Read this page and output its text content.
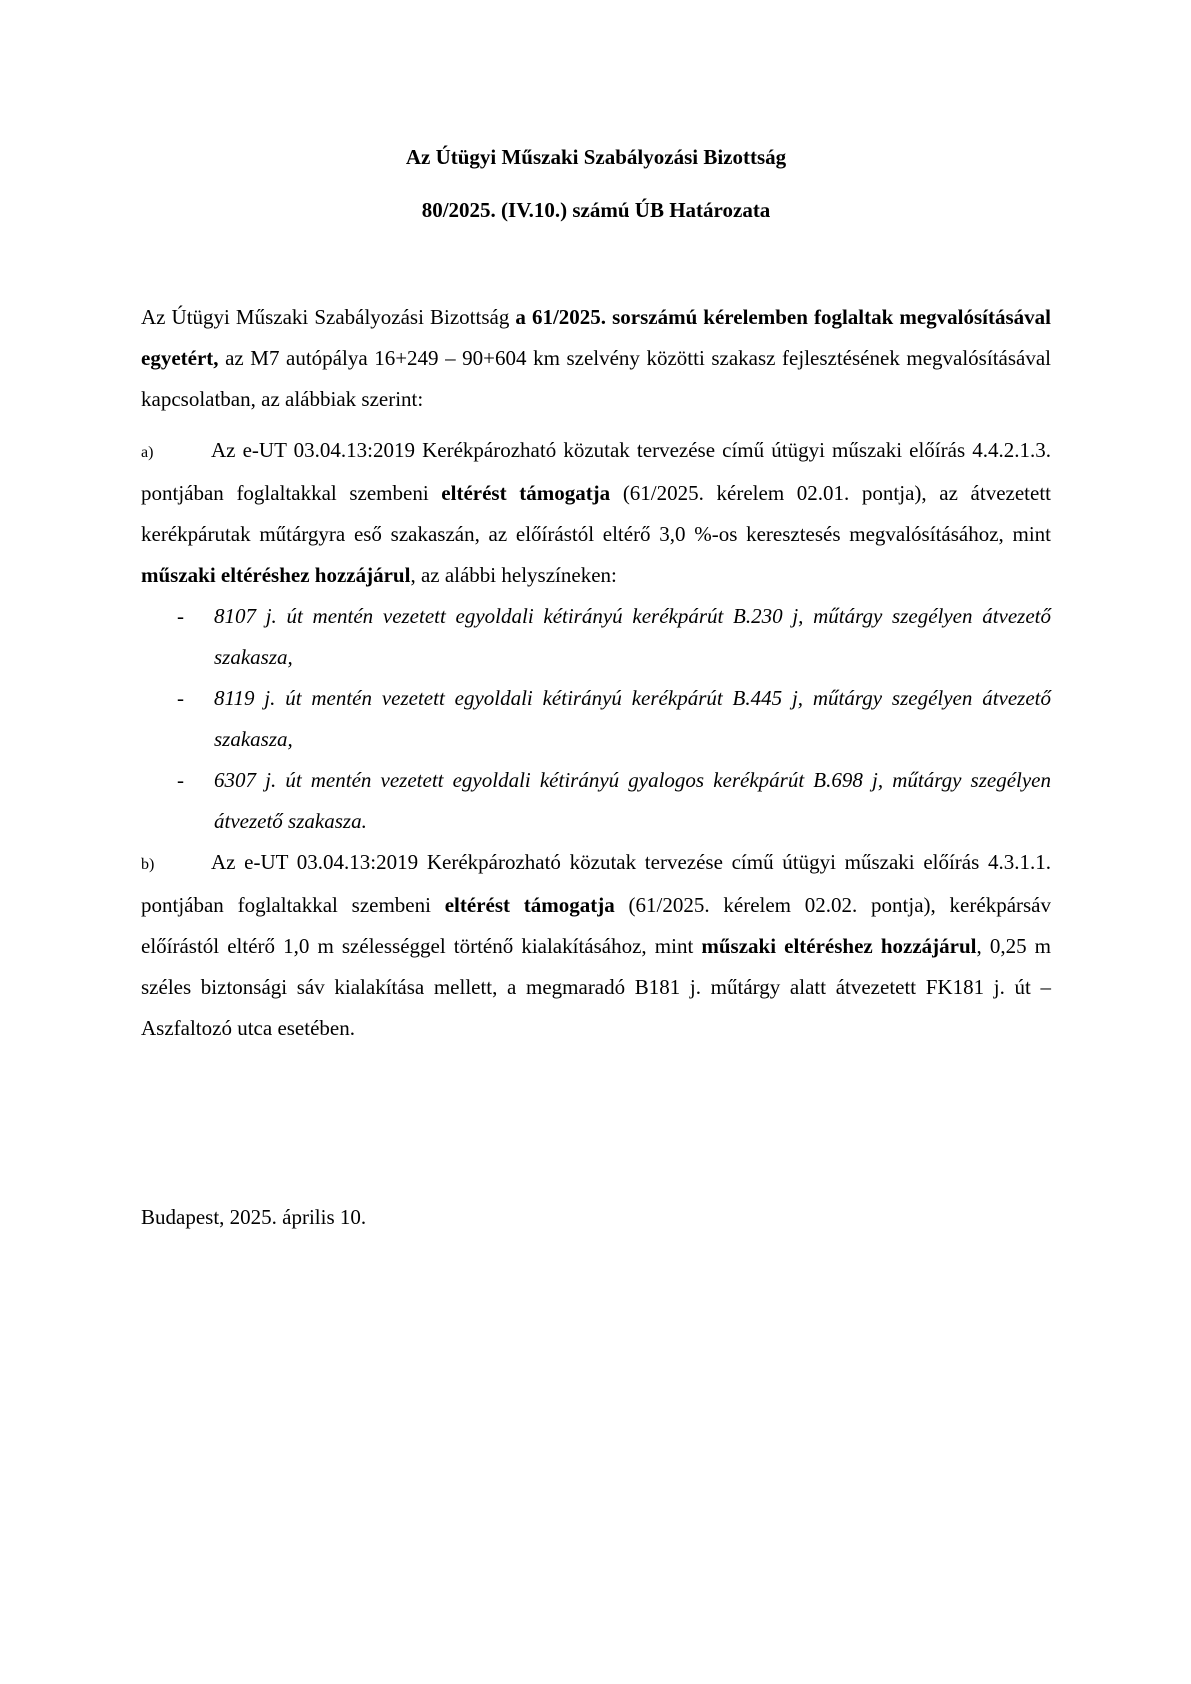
Az Útügyi Műszaki Szabályozási Bizottság
80/2025. (IV.10.) számú ÚB Határozata

Az Útügyi Műszaki Szabályozási Bizottság a 61/2025. sorszámú kérelemben foglaltak megvalósításával egyetért, az M7 autópálya 16+249 – 90+604 km szelvény közötti szakasz fejlesztésének megvalósításával kapcsolatban, az alábbiak szerint:

a)	Az e-UT 03.04.13:2019 Kerékpározható közutak tervezése című útügyi műszaki előírás 4.4.2.1.3. pontjában foglaltakkal szembeni eltérést támogatja (61/2025. kérelem 02.01. pontja), az átvezetett kerékpárutak műtárgyra eső szakaszán, az előírástól eltérő 3,0 %-os keresztesés megvalósításához, mint műszaki eltéréshez hozzájárul, az alábbi helyszíneken:

- 8107 j. út mentén vezetett egyoldali kétirányú kerékpárút B.230 j, műtárgy szegélyen átvezető szakasza,
- 8119 j. út mentén vezetett egyoldali kétirányú kerékpárút B.445 j, műtárgy szegélyen átvezető szakasza,
- 6307 j. út mentén vezetett egyoldali kétirányú gyalogos kerékpárút B.698 j, műtárgy szegélyen átvezető szakasza.

b)	Az e-UT 03.04.13:2019 Kerékpározható közutak tervezése című útügyi műszaki előírás 4.3.1.1. pontjában foglaltakkal szembeni eltérést támogatja (61/2025. kérelem 02.02. pontja), kerékpársáv előírástól eltérő 1,0 m szélességgel történő kialakításához, mint műszaki eltéréshez hozzájárul, 0,25 m széles biztonsági sáv kialakítása mellett, a megmaradó B181 j. műtárgy alatt átvezetett FK181 j. út – Aszfaltozó utca esetében.

Budapest, 2025. április 10.
